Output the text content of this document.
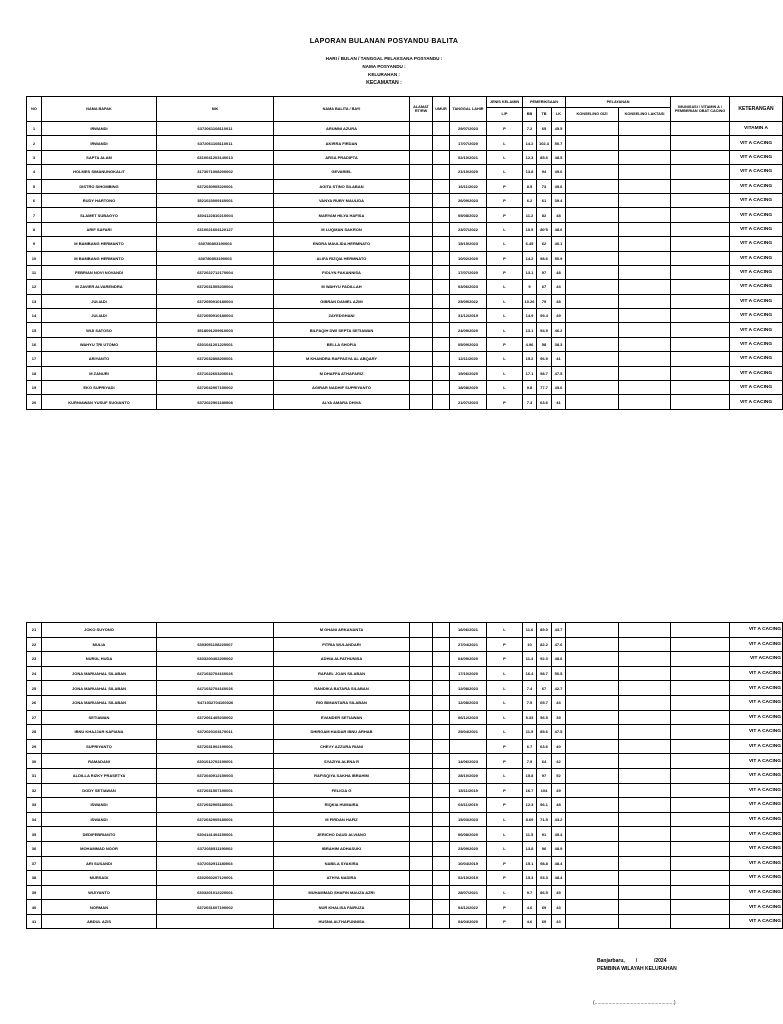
LAPORAN BULANAN POSYANDU BALITA
HARI / BULAN / TANGGAL PELAKSANA POSYANDU :
NAMA POSYANDU :
KELURAHAN :
KECAMATAN :
NO	NAMA BAPAK	NIK	NAMA BALITA / BAYI	ALAMAT RT/RW	UMUR	TANGGAL LAHIR	JENIS KELAMIN	PEMERIKSAAN			PELAYANAN		IMUNISASI / VITAMIN A / PEMBERIAN OBAT CACING	KETERANGAN
							L/P	BB	TB	LK	KONSELING GIZI	KONSELING LAKTASI		
1	IRWANDI	6372061108110011	ARUMNI AZURA			29/07/2023	P	7.2	65	45.5				VITAMIN A
2	IRWANDI	6372061108110011	AKIRRA FIRDAN			17/07/2020	L	14.2	102.3	50.7				VIT A CACING
3	SAPTA ALAM	6310041203140013	ARSA PRADIPTA			02/10/2021	L	12.3	85.6	48.5				VIT A CACING
4	HOLMES SIMANUNGKALIT	3173071008200002	GEVARIEL			21/10/2020	L	13.8	94	49.6				VIT A CACING
5	DISTRO SIHOMBING	6372030905220001	AGITA STINO SILABAN			16/11/2022	P	8.5	73	45.6				VIT A CACING
6	RUDY HARTONO	3521023009160001	VANYA RUBY MAULIDA			26/09/2023	P	6.2	61	39.4				VIT A CACING
7	SLAMET SUBAGYO	3304122810210004	MARYAM HILYA HAFISA			05/08/2022	P	11.2	82	48				VIT A CACING
8	ARIF SAFARI	6310021604120127	M LUQMAN SAKRON			23/07/2022	L	10.5	80'5	48.6				VIT A CACING
9	M BAMBANG HERMANTO	630780803190003	ENDRA MAULIDA HERMNATO			15/15/2023	L	6.45	62	40.1				VIT A CACING
10	M BAMBANG HERMANTO	630780803190003	ALIFA RIZQIA HERMNATO			10/02/2020	P	14.2	98.6	50.9				VIT A CACING
11	FEBRIAN NOVI NOVANDI	6372022712170004	FIOLYN FAKANNISA			17/07/2020	P	13.1	97	48				VIT A CACING
12	M ZAVIER ALVARENDRA	6372031505230004	M WAHYU FADILLAH			03/06/2023	L	9	67	43				VIT A CACING
13	JULIADI	6372050910180004	GIBRAN DANIEL AZMI			25/09/2022	L	10.26	79	48				VIT A CACING
14	JULIADI	6372050910180004	ZAYEDGHANI			31/12/2019	L	14.9	99.4	49				VIT A CACING
15	WIJI SATOSO	3518091209910003	BILFAQIH DWI SEPTA SETIAWAN			24/09/2020	L	13.1	94.9	46.2				VIT A CACING
16	WAHYU TRI UTOMO	6301041201220001	BELLA SHOFIA			05/09/2023	P	4.96	58	38.3				VIT A CACING
17	ARIYANTO	6372032808200001	M KHANDRA RAFFASYA AL ABQARY			12/11/2020	L	15.2	96.9	41				VIT A CACING
18	M ZANURI	6371022603200016	M DHAFFA ATHAFARIZ			19/06/2020	L	17.1	98.7	47.5				VIT A CACING
19	EKO SUPRIYADI	6372042907150002	AGIRAR NADHIF SUPRIYANTO			18/08/2020	L	9.8	77.7	45.6				VIT A CACING
20	KURNIAWAN YUSUF SUGIANTO	6372022501180008	ALYA AMARA DHIVA			21/07/2023	P	7.3	63.6	41				VIT A CACING
21	JOKO SUYONO		M GHANI ARKANANTA			16/06/2021	L	11.6	89.0	43.7				VIT A CACING
22	MULIA	6303051108220007	FITRIA WULANDARI			27/04/2021	P	10	82.2	47.6				VIT A CACING
23	NURUL HUDA	6303200402200002	ADHIA ALFATHUNISA			04/09/2020	P	11.4	92.3	48.6				VIT ACACING
24	JONA MARUAHAL SILABAN	6471032704160026	RAFAEL JOAN SILABAN			17/10/2020	L	16.4	98.7	50.5				VIT A CACING
25	JONA MARUAHAL SILABAN	6471032704160026	RANDIKA BATARA SILABAN			12/08/2023	L	7.4	67	42.7				VIT A CACING
26	JONA MARUAHAL SILABAN	'6471032704160026	RIO BIMANTARA SILABAN			12/08/2023	L	7.5	65.7	43				VIT A CACING
27	SETIAWAN	6372061405230002	EVANDER SETIAWAN			06/12/2023	L	5.33	56.5	39				VIT A CACING
28	IBNU KHAJJAR KAFIANA	6372020103170011	DHIRGAM HAIDAR IBNU ARHAB			29/04/2021	L	11.5	85.6	47.5				VIT A CACING
29	SUPRIYANTO	6372031902190001	CHEVY AZZURA RIANI				P	6.7	63.6	40				VIT A CACING
30	RAMADANI	6301012702190001	SYAZIYA ALENA R			14/06/2023	P	7.9	64	42				VIT A CACING
31	ALDILLA RIZKY PRASETYA	6372040912150003	RAFISQIYA SAKHA IBRAHIM			28/10/2020	L	15.8	97	52				VIT A CACING
32	DODY SETIAWAN	6372031507190001	FELICIA G			15/11/2019	P	16.7	104	49				VIT A CACING
33	ISWANDI	6372032905180001	RIQKIA HUMAIRA			04/11/2019	P	12.3	96.1	48				VIT A CACING
34	ISWANDI	6372032905180001	M FIRDAN HAFIZ			15/03/2023	L	8.69	71.5	43.2				VIT A CACING
35	DEDIFEBRIANTO	6304141404150001	JERICHO DAUD ALVIANO			06/08/2020	L	11.5	91	49.4				VIT A CACING
36	MOHAMMAD NOOR	6372030511190002	IBRAHIM ADHASUKI			23/09/2020	L	13.8	96	48.9				VIT A CACING
37	ARI SUSANDI	6372032911180003	NABILA SYAKIRA			10/04/2019	P	15.1	98.8	48.4				VIT A CACING
38	MURSADI	6302060207120001	ATHYA NADIRA			02/10/2019	P	15.3	93.3	48.4				VIT A CACING
39	WIJIYANTO	6303201012220001	MUHAMMAD SHAFIN MAUZA AZRI			28/07/2021	L	9.7	86.5	45				VIT A CACING
40	NORMAN	6372031607190002	NUR KHALISA FAIRUZA			04/12/2022	P	4.6	69	43				VIT A CACING
41	ABDUL AZIS		HUSNA ALTHAFUNNISA			04/04/2020	P	4.6	69	43				VIT A CACING
Banjarbaru,        /            /2024
PEMBINA WILAYAH KELURAHAN
(.........................................................)
